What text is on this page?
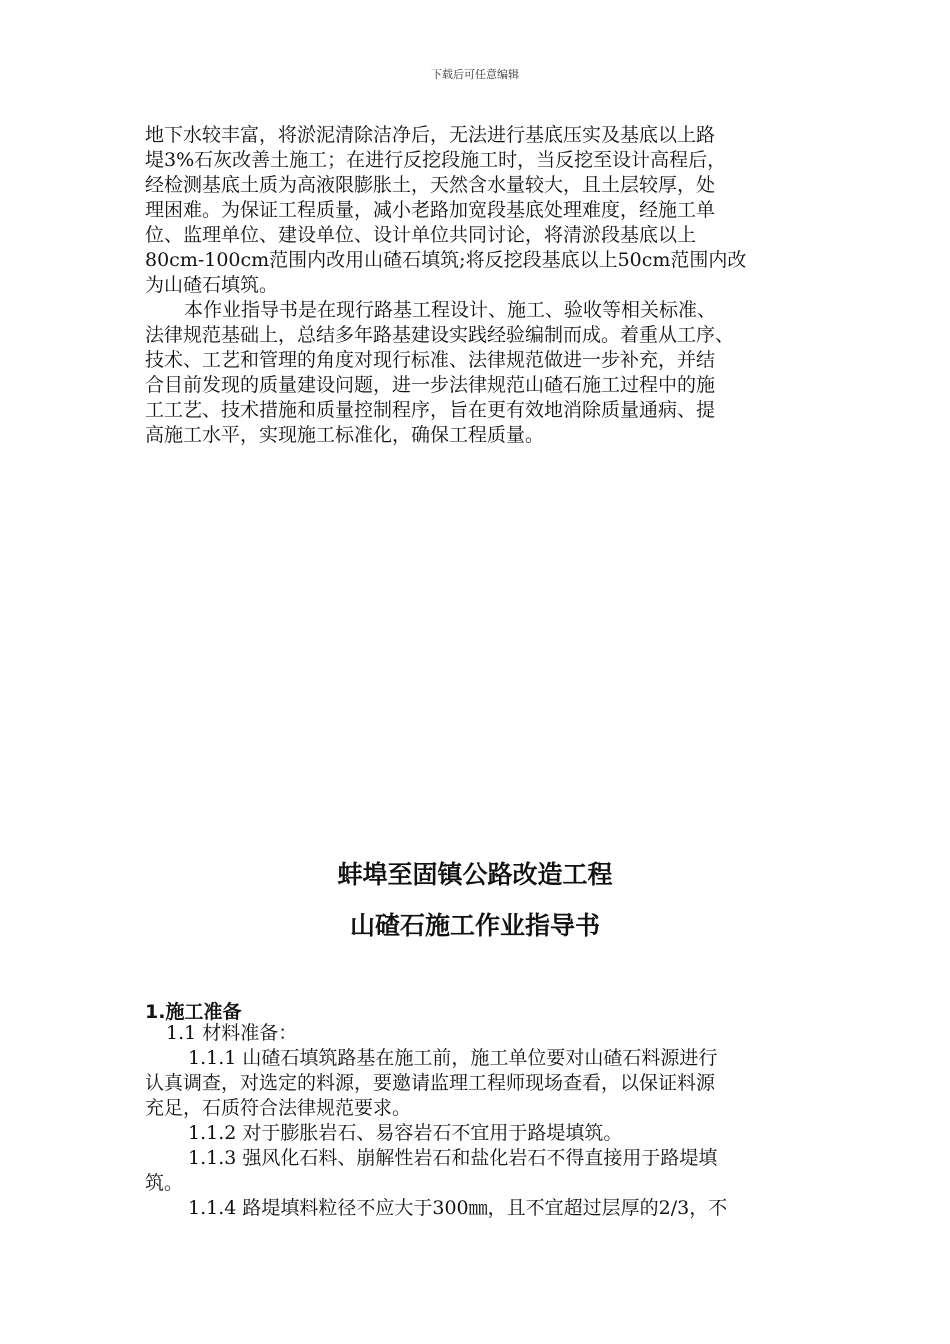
下载后可任意编辑
地下水较丰富，将淤泥清除洁净后，无法进行基底压实及基底以上路
堤3%石灰改善土施工；在进行反挖段施工时，当反挖至设计高程后，
经检测基底土质为高液限膨胀土，天然含水量较大，且土层较厚，处
理困难。为保证工程质量，减小老路加宽段基底处理难度，经施工单
位、监理单位、建设单位、设计单位共同讨论，将清淤段基底以上
80cm-100cm范围内改用山碴石填筑;将反挖段基底以上50cm范围内改
为山碴石填筑。
本作业指导书是在现行路基工程设计、施工、验收等相关标准、
法律规范基础上，总结多年路基建设实践经验编制而成。着重从工序、
技术、工艺和管理的角度对现行标准、法律规范做进一步补充，并结
合目前发现的质量建设问题，进一步法律规范山碴石施工过程中的施
工工艺、技术措施和质量控制程序，旨在更有效地消除质量通病、提
高施工水平，实现施工标准化，确保工程质量。
蚌埠至固镇公路改造工程
山碴石施工作业指导书
1.施工准备
1.1 材料准备：
1.1.1 山碴石填筑路基在施工前，施工单位要对山碴石料源进行
认真调查，对选定的料源，要邀请监理工程师现场查看，以保证料源
充足，石质符合法律规范要求。
1.1.2 对于膨胀岩石、易容岩石不宜用于路堤填筑。
1.1.3 强风化石料、崩解性岩石和盐化岩石不得直接用于路堤填
筑。
1.1.4 路堤填料粒径不应大于300㎜，且不宜超过层厚的2/3，不
